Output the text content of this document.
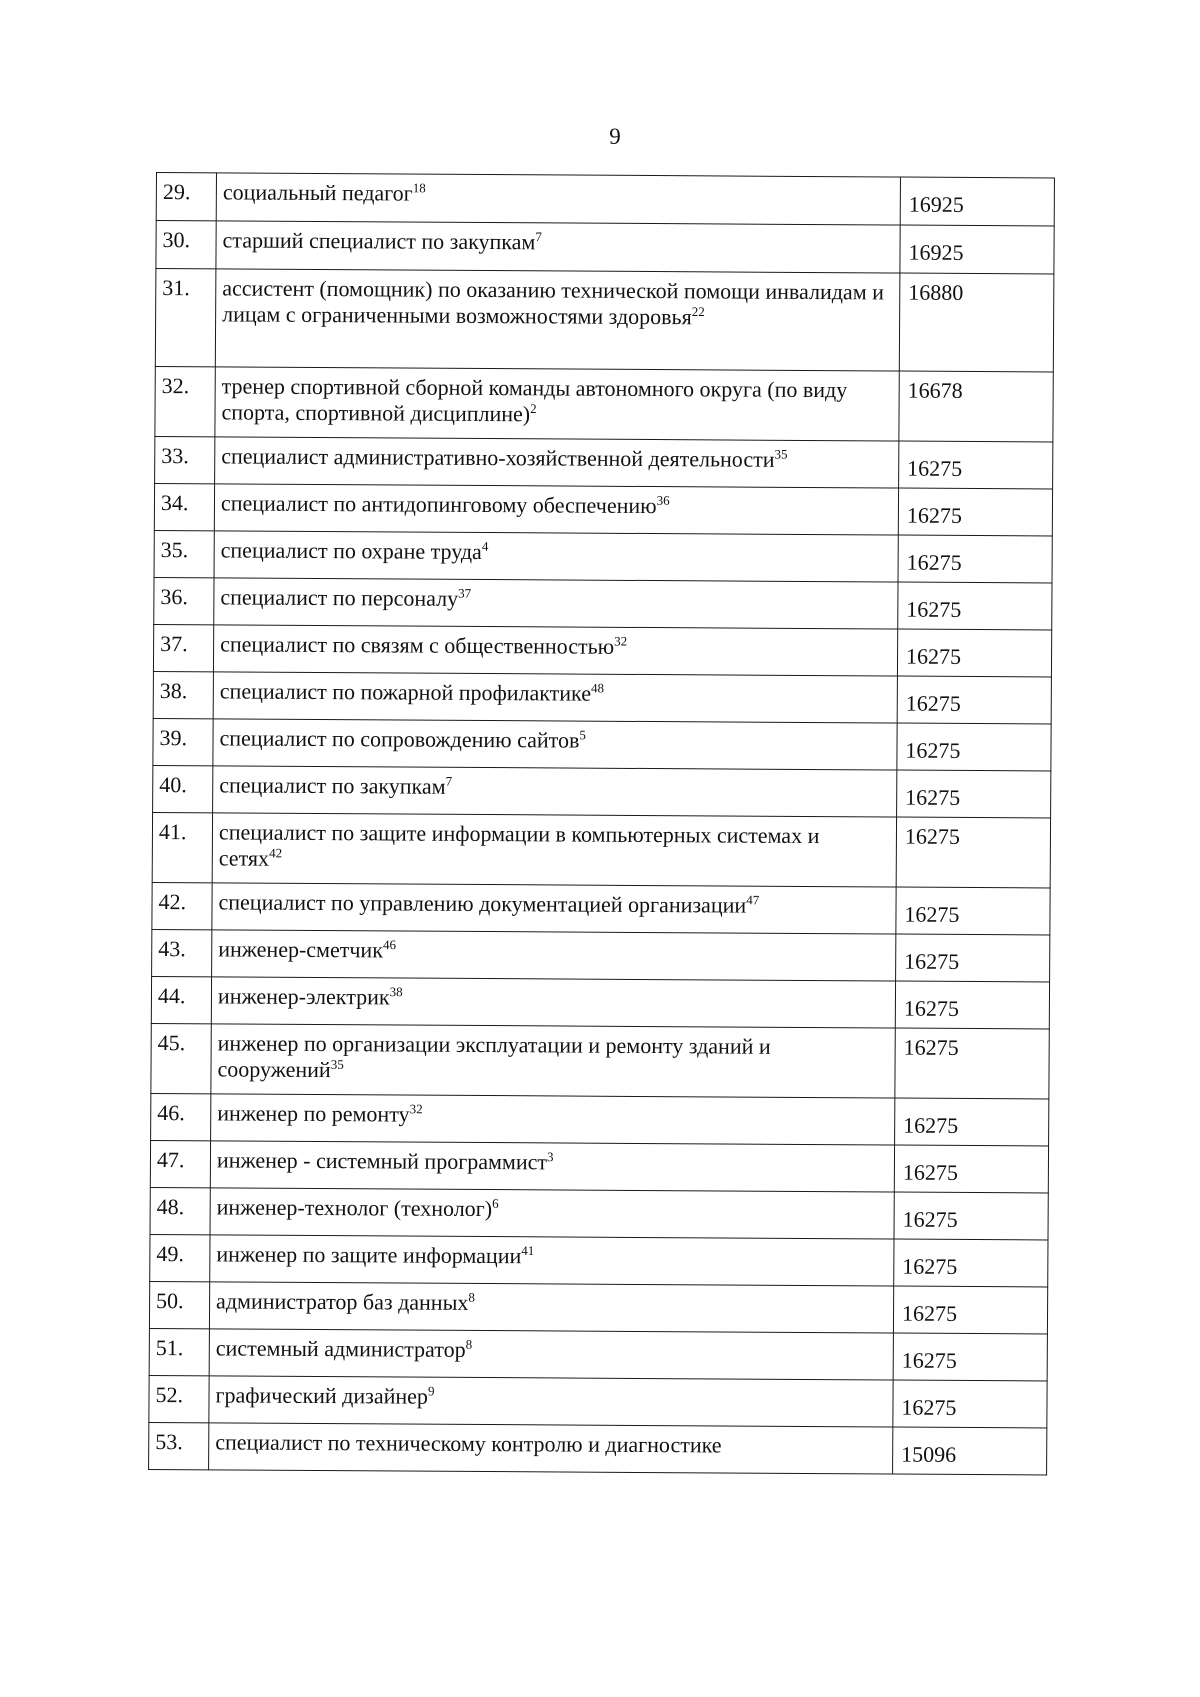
9
29.	социальный педагог$^{18}$	16925
30.	старший специалист по закупкам$^7$	16925
31.	ассистент (помощник) по оказанию технической помощи инвалидам и лицам с ограниченными возможностями здоровья$^{22}$	16880
32.	тренер спортивной сборной команды автономного округа (по виду спорта, спортивной дисциплине)$^2$	16678
33.	специалист административно-хозяйственной деятельности$^{35}$	16275
34.	специалист по антидопинговому обеспечению$^{36}$	16275
35.	специалист по охране труда$^4$	16275
36.	специалист по персоналу$^{37}$	16275
37.	специалист по связям с общественностью$^{32}$	16275
38.	специалист по пожарной профилактике$^{48}$	16275
39.	специалист по сопровождению сайтов$^5$	16275
40.	специалист по закупкам$^7$	16275
41.	специалист по защите информации в компьютерных системах и сетях$^{42}$	16275
42.	специалист по управлению документацией организации$^{47}$	16275
43.	инженер-сметчик$^{46}$	16275
44.	инженер-электрик$^{38}$	16275
45.	инженер по организации эксплуатации и ремонту зданий и сооружений$^{35}$	16275
46.	инженер по ремонту$^{32}$	16275
47.	инженер - системный программист$^3$	16275
48.	инженер-технолог (технолог)$^6$	16275
49.	инженер по защите информации$^{41}$	16275
50.	администратор баз данных$^8$	16275
51.	системный администратор$^8$	16275
52.	графический дизайнер$^9$	16275
53.	специалист по техническому контролю и диагностике	15096
